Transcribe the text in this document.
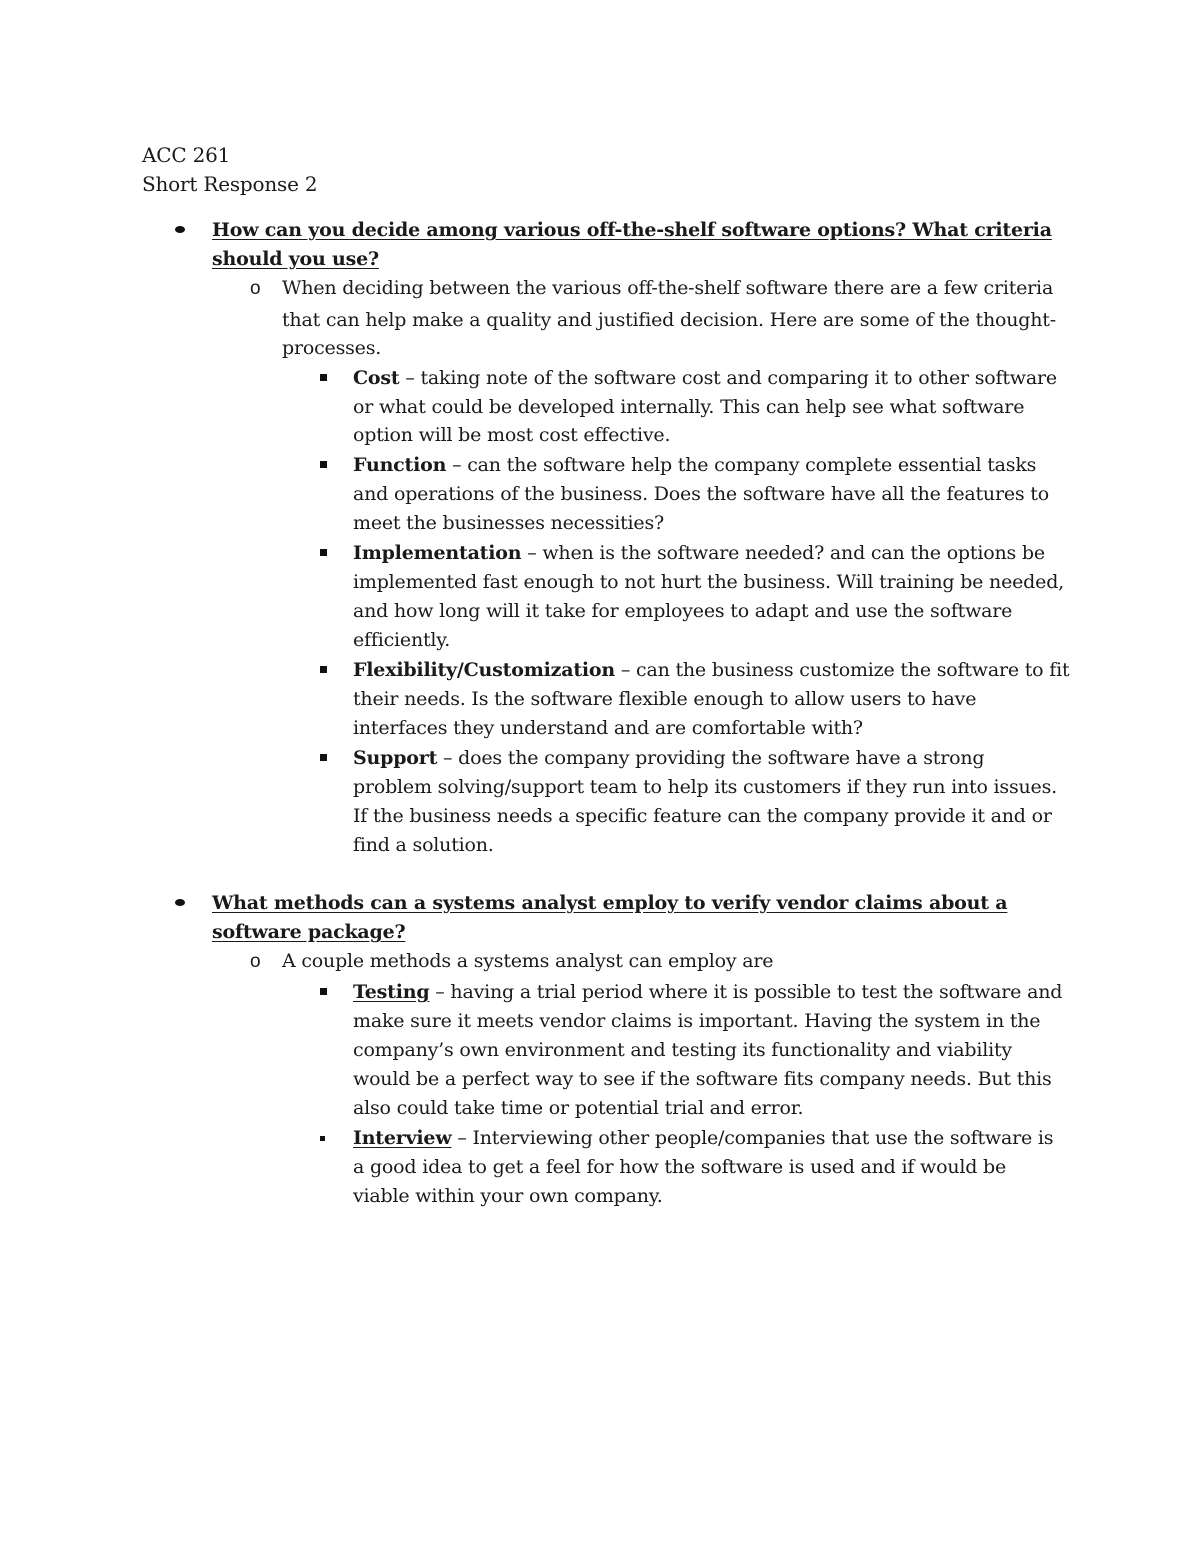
ACC 261
Short Response 2
How can you decide among various off-the-shelf software options? What criteria
should you use?
o When deciding between the various off-the-shelf software there are a few criteria
that can help make a quality and justified decision. Here are some of the thought-
processes.
Cost – taking note of the software cost and comparing it to other software
or what could be developed internally. This can help see what software
option will be most cost effective.
Function – can the software help the company complete essential tasks
and operations of the business. Does the software have all the features to
meet the businesses necessities?
Implementation – when is the software needed? and can the options be
implemented fast enough to not hurt the business. Will training be needed,
and how long will it take for employees to adapt and use the software
efficiently.
Flexibility/Customization – can the business customize the software to fit
their needs. Is the software flexible enough to allow users to have
interfaces they understand and are comfortable with?
Support – does the company providing the software have a strong
problem solving/support team to help its customers if they run into issues.
If the business needs a specific feature can the company provide it and or
find a solution.
What methods can a systems analyst employ to verify vendor claims about a
software package?
o A couple methods a systems analyst can employ are
Testing – having a trial period where it is possible to test the software and
make sure it meets vendor claims is important. Having the system in the
company’s own environment and testing its functionality and viability
would be a perfect way to see if the software fits company needs. But this
also could take time or potential trial and error.
Interview – Interviewing other people/companies that use the software is
a good idea to get a feel for how the software is used and if would be
viable within your own company.
